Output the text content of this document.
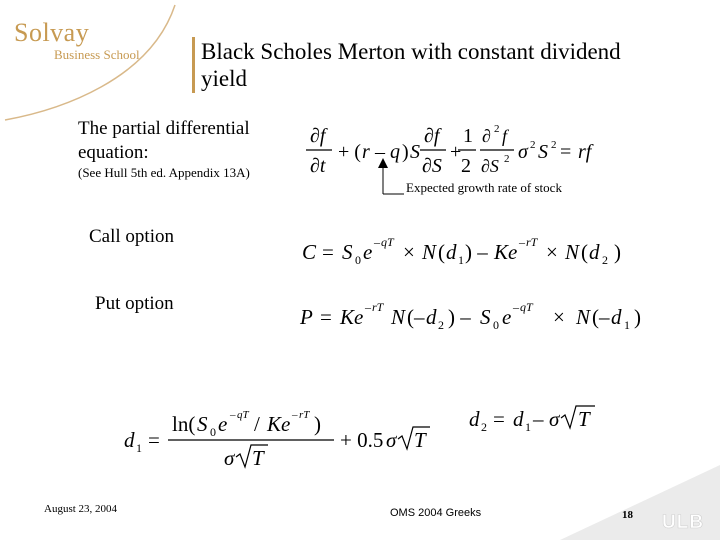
Solvay
Business School	Black Scholes Merton with constant dividend yield
The partial differential equation:
(See Hull 5th ed. Appendix 13A)
∂f
∂t
+ ( r – q ) S
∂f
∂S
+
1
2
∂ 2 f
∂S 2 σ 2 S 2 = rf
Expected growth rate of stock
Call option
C = S 0 e – qT × N ( d 1 ) – Ke – rT × N ( d 2 )
Put option
P = Ke – rT N (– d 2 ) – S 0 e – qT × N (– d 1 )
d 1 =
ln( S 0 e – qT / Ke – rT )
σ T
+ 0.5 σ T
d 2 = d 1 – σ T
August 23, 2004	OMS 2004 Greeks	18 ULB
